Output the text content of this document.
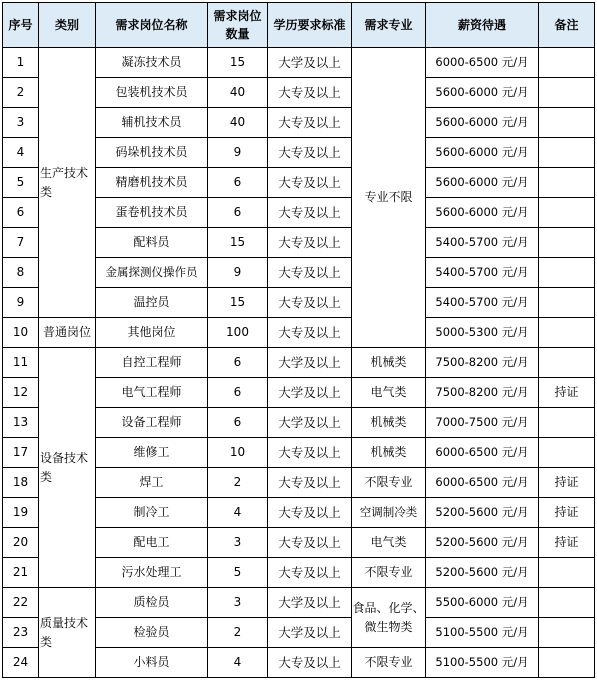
序号	类别	需求岗位名称	需求岗位数量	学历要求标准	需求专业	薪资待遇	备注
1	生产技术类	凝冻技术员	15	大学及以上	专业不限	6000-6500 元/月	
2		包装机技术员	40	大专及以上		5600-6000 元/月	
3		辅机技术员	40	大专及以上		5600-6000 元/月	
4		码垛机技术员	9	大专及以上		5600-6000 元/月	
5		精磨机技术员	6	大专及以上		5600-6000 元/月	
6		蛋卷机技术员	6	大专及以上		5600-6000 元/月	
7		配料员	15	大专及以上		5400-5700 元/月	
8		金属探测仪操作员	9	大专及以上		5400-5700 元/月	
9		温控员	15	大专及以上		5400-5700 元/月	
10	普通岗位	其他岗位	100	大专及以上		5000-5300 元/月	
11	设备技术类	自控工程师	6	大学及以上	机械类	7500-8200 元/月	
12		电气工程师	6	大学及以上	电气类	7500-8200 元/月	持证
13		设备工程师	6	大学及以上	机械类	7000-7500 元/月	
17		维修工	10	大专及以上	机械类	6000-6500 元/月	
18		焊工	2	大专及以上	不限专业	6000-6500 元/月	持证
19		制冷工	4	大专及以上	空调制冷类	5200-5600 元/月	持证
20		配电工	3	大专及以上	电气类	5200-5600 元/月	持证
21		污水处理工	5	大专及以上	不限专业	5200-5600 元/月	
22	质量技术类	质检员	3	大学及以上	食品、化学、微生物类	5500-6000 元/月	
23		检验员	2	大学及以上		5100-5500 元/月	
24		小料员	4	大专及以上	不限专业	5100-5500 元/月	
